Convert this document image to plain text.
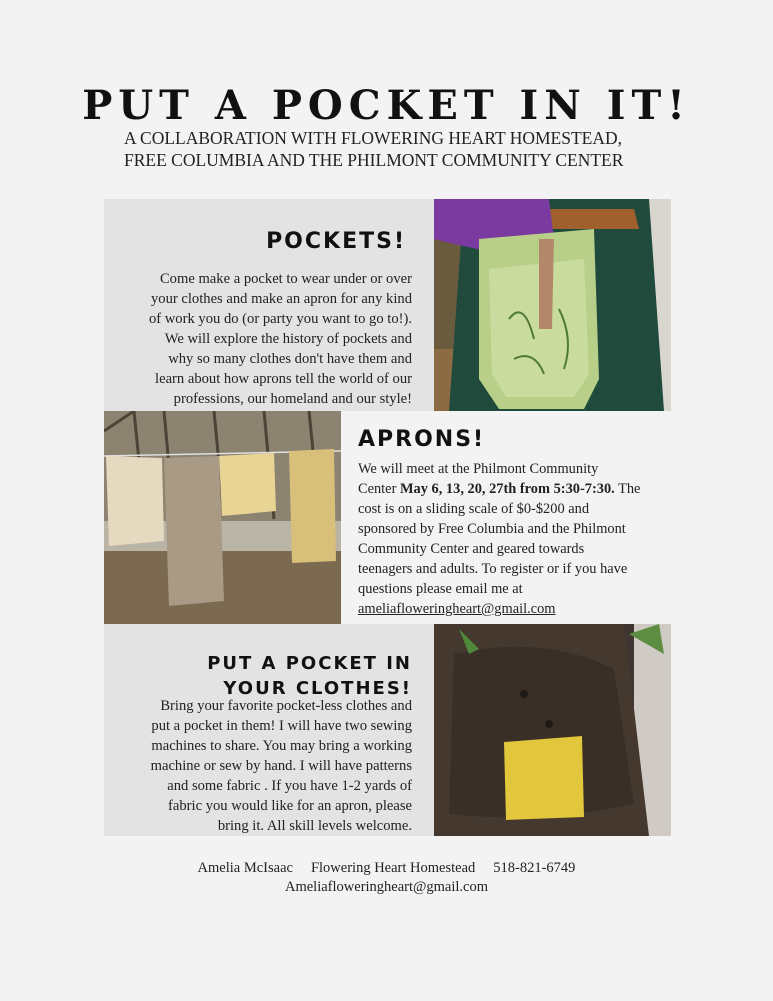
PUT A POCKET IN IT!
A COLLABORATION WITH FLOWERING HEART HOMESTEAD,
FREE COLUMBIA AND THE PHILMONT COMMUNITY CENTER
POCKETS!
Come make a pocket to wear under or over
your clothes and make an apron for any kind
of work you do (or party you want to go to!).
We will explore the history of pockets and
why so many clothes don't have them and
learn about how aprons tell the world of our
professions, our homeland and our style!
APRONS!
We will meet at the Philmont Community
Center May 6, 13, 20, 27th from 5:30-7:30. The
cost is on a sliding scale of $0-$200 and
sponsored by Free Columbia and the Philmont
Community Center and geared towards
teenagers and adults. To register or if you have
questions please email me at
ameliafloweringheart@gmail.com
PUT A POCKET IN
YOUR CLOTHES!
Bring your favorite pocket-less clothes and
put a pocket in them! I will have two sewing
machines to share. You may bring a working
machine or sew by hand. I will have patterns
and some fabric . If you have 1-2 yards of
fabric you would like for an apron, please
bring it. All skill levels welcome.
Amelia McIsaac Flowering Heart Homestead 518-821-6749
Ameliafloweringheart@gmail.com
